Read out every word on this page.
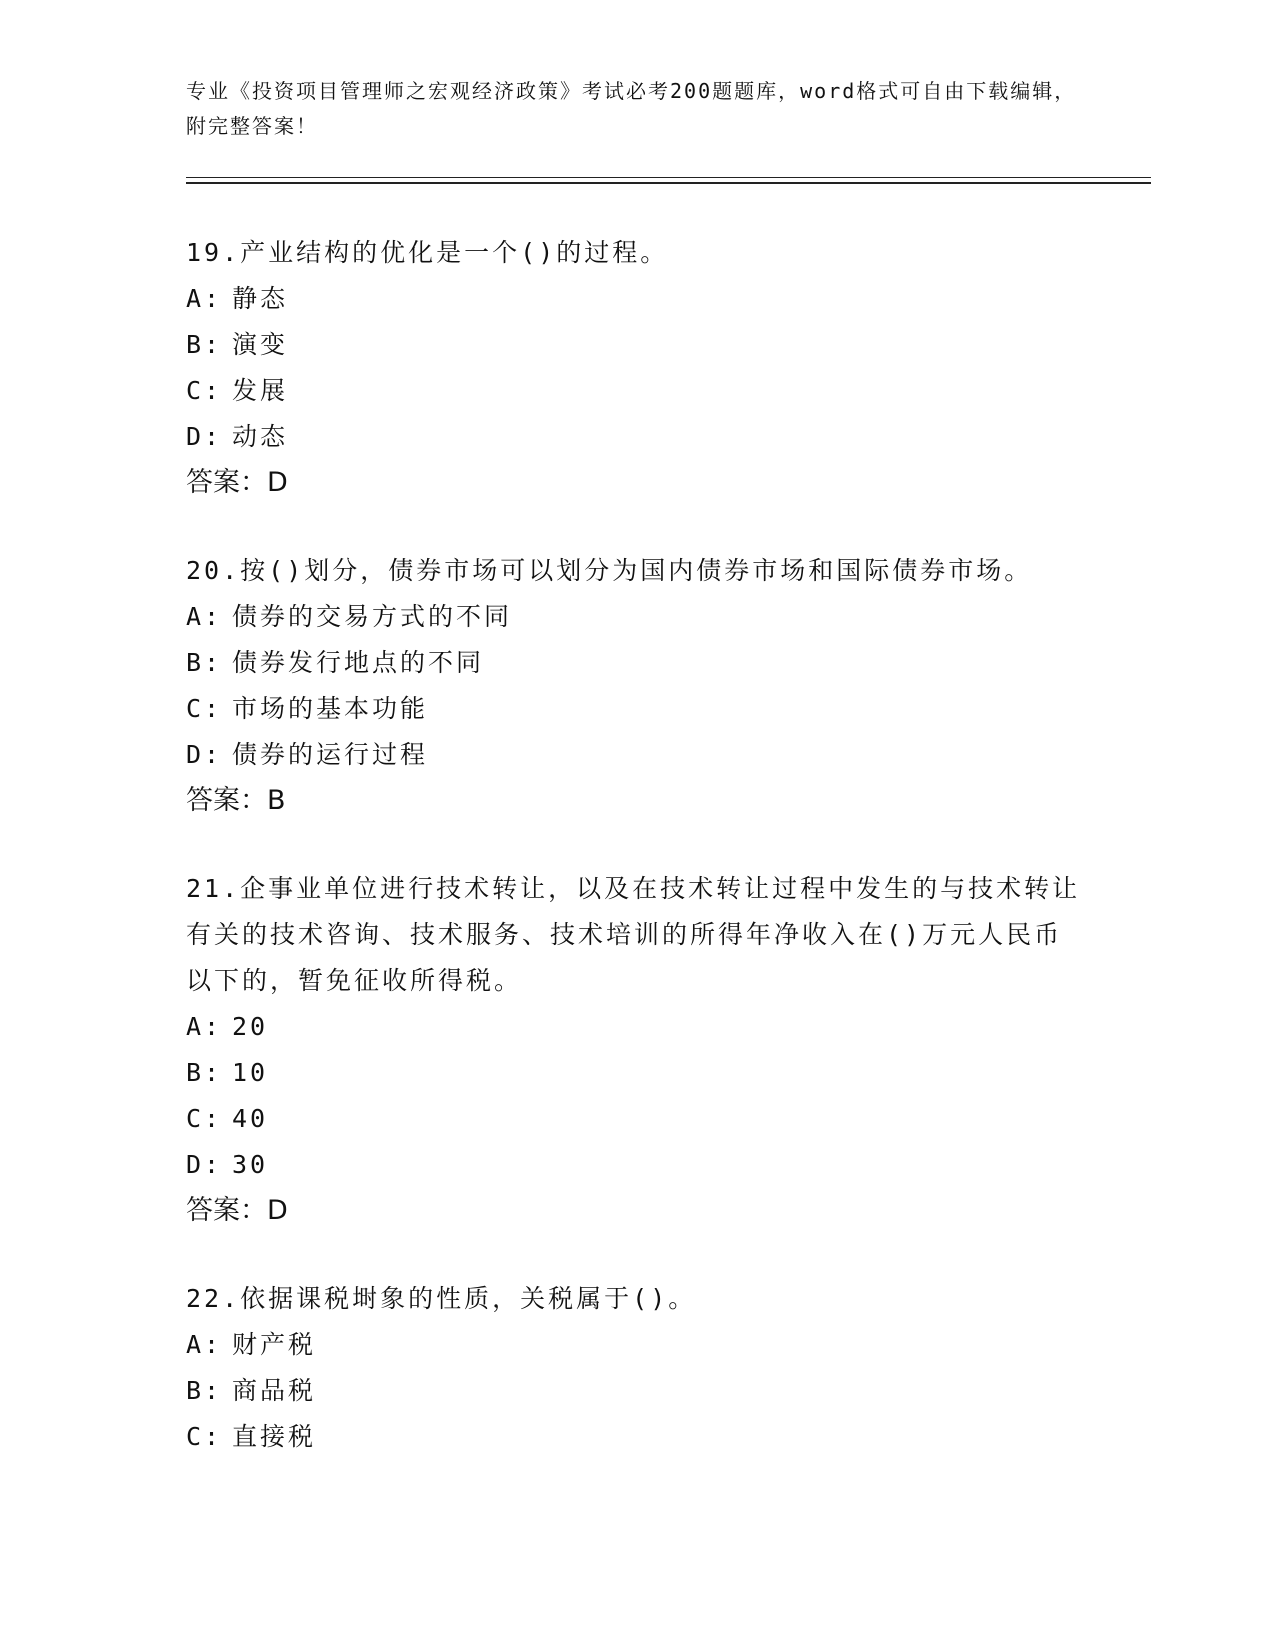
专业《投资项目管理师之宏观经济政策》考试必考200题题库，word格式可自由下载编辑，附完整答案！

19.产业结构的优化是一个()的过程。

A: 静态

B: 演变

C: 发展

D: 动态

答案：D

20.按()划分，债券市场可以划分为国内债券市场和国际债券市场。

A: 债券的交易方式的不同

B: 债券发行地点的不同

C: 市场的基本功能

D: 债券的运行过程

答案：B

21.企事业单位进行技术转让，以及在技术转让过程中发生的与技术转让有关的技术咨询、技术服务、技术培训的所得年净收入在()万元人民币以下的，暂免征收所得税。

A: 20

B: 10

C: 40

D: 30

答案：D

22.依据课税埘象的性质，关税属于()。

A: 财产税

B: 商品税

C: 直接税
